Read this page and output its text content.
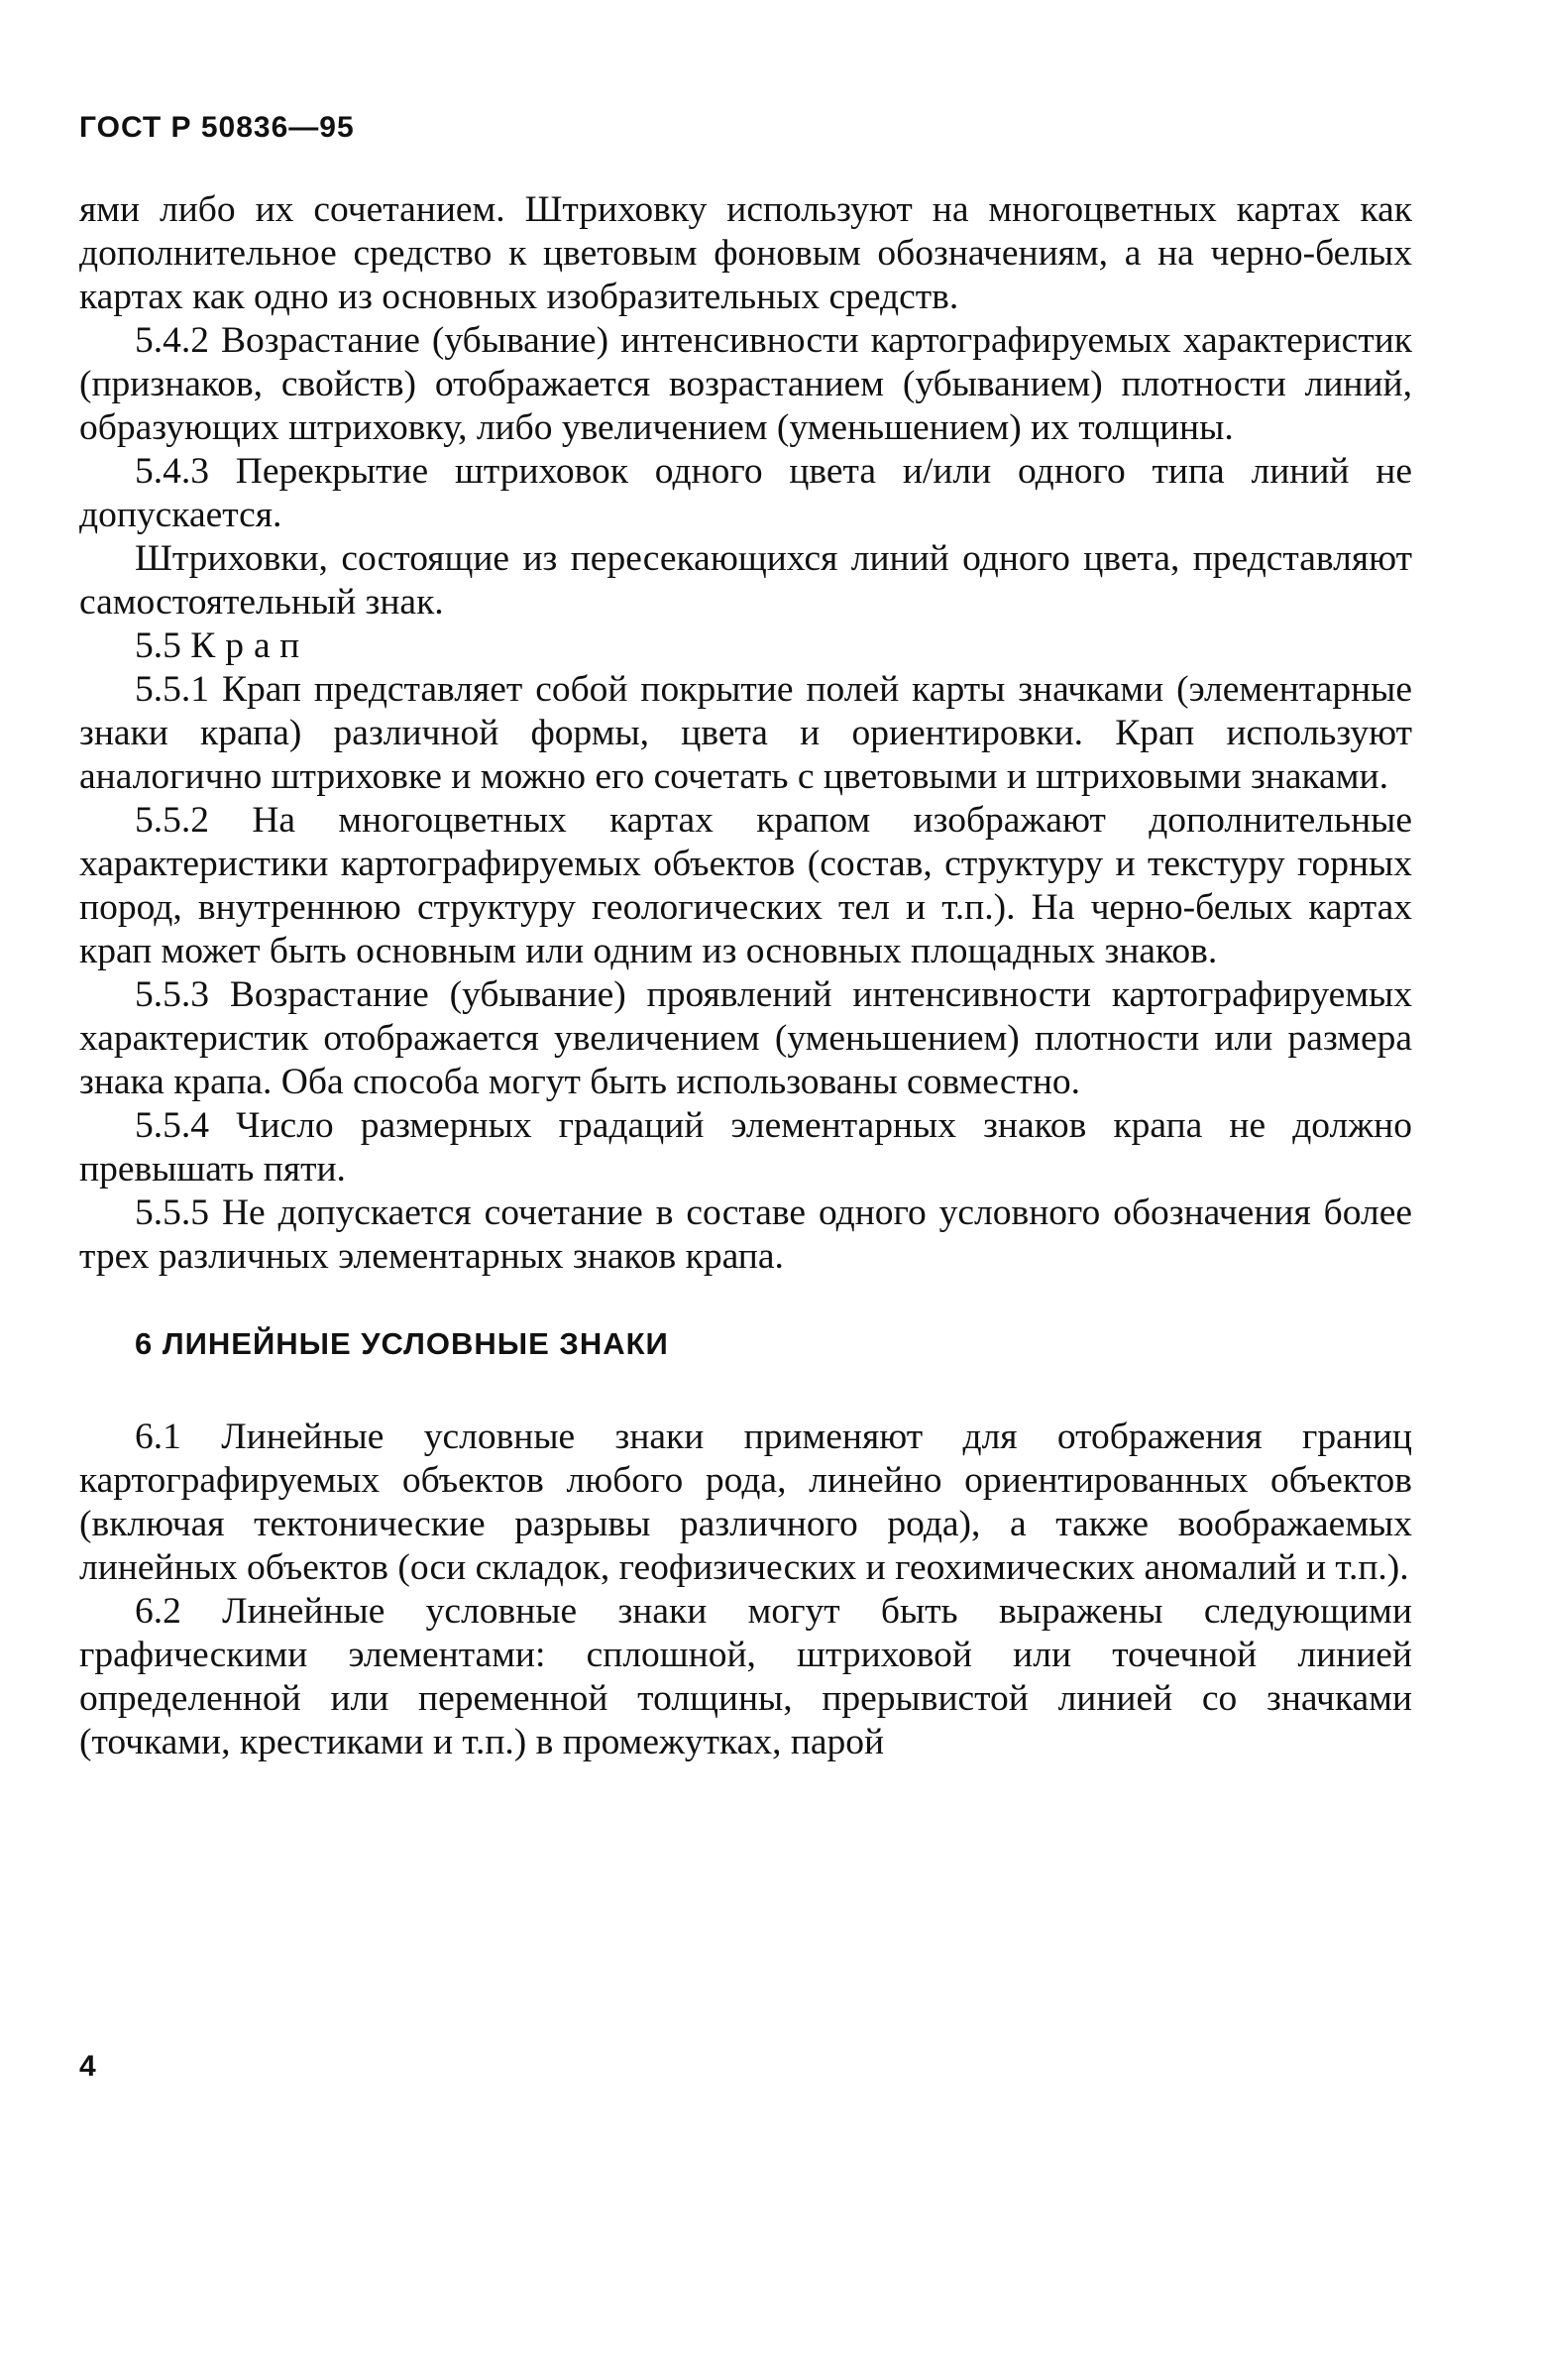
ГОСТ Р 50836—95

ями либо их сочетанием. Штриховку используют на многоцветных картах как дополнительное средство к цветовым фоновым обозначениям, а на черно-белых картах как одно из основных изобразительных средств.

5.4.2 Возрастание (убывание) интенсивности картографируемых характеристик (признаков, свойств) отображается возрастанием (убыванием) плотности линий, образующих штриховку, либо увеличением (уменьшением) их толщины.

5.4.3 Перекрытие штриховок одного цвета и/или одного типа линий не допускается.

Штриховки, состоящие из пересекающихся линий одного цвета, представляют самостоятельный знак.

5.5 Крап

5.5.1 Крап представляет собой покрытие полей карты значками (элементарные знаки крапа) различной формы, цвета и ориентировки. Крап используют аналогично штриховке и можно его сочетать с цветовыми и штриховыми знаками.

5.5.2 На многоцветных картах крапом изображают дополнительные характеристики картографируемых объектов (состав, структуру и текстуру горных пород, внутреннюю структуру геологических тел и т.п.). На черно-белых картах крап может быть основным или одним из основных площадных знаков.

5.5.3 Возрастание (убывание) проявлений интенсивности картографируемых характеристик отображается увеличением (уменьшением) плотности или размера знака крапа. Оба способа могут быть использованы совместно.

5.5.4 Число размерных градаций элементарных знаков крапа не должно превышать пяти.

5.5.5 Не допускается сочетание в составе одного условного обозначения более трех различных элементарных знаков крапа.

6 ЛИНЕЙНЫЕ УСЛОВНЫЕ ЗНАКИ

6.1 Линейные условные знаки применяют для отображения границ картографируемых объектов любого рода, линейно ориентированных объектов (включая тектонические разрывы различного рода), а также воображаемых линейных объектов (оси складок, геофизических и геохимических аномалий и т.п.).

6.2 Линейные условные знаки могут быть выражены следующими графическими элементами: сплошной, штриховой или точечной линией определенной или переменной толщины, прерывистой линией со значками (точками, крестиками и т.п.) в промежутках, парой

4
